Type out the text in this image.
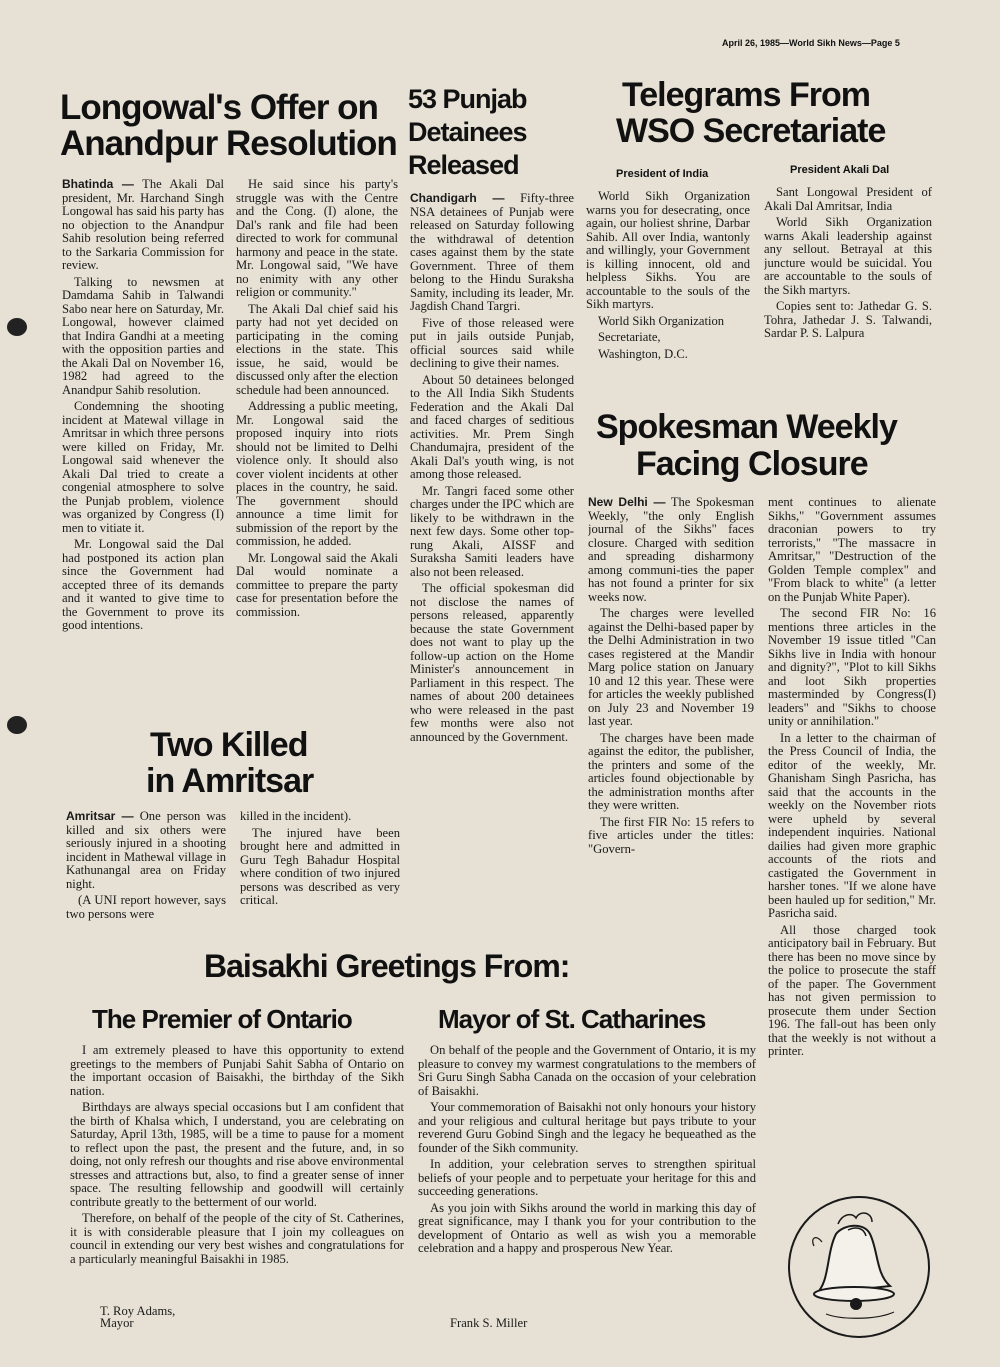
April 26, 1985—World Sikh News—Page 5
Longowal's Offer on
Anandpur Resolution

Bhatinda — The Akali Dal president, Mr. Harchand Singh Longowal has said his party has no objection to the Anandpur Sahib resolution being referred to the Sarkaria Commission for review.

Talking to newsmen at Damdama Sahib in Talwandi Sabo near here on Saturday, Mr. Longowal, however claimed that Indira Gandhi at a meeting with the opposition parties and the Akali Dal on November 16, 1982 had agreed to the Anandpur Sahib resolution.

Condemning the shooting incident at Matewal village in Amritsar in which three persons were killed on Friday, Mr. Longowal said whenever the Akali Dal tried to create a congenial atmosphere to solve the Punjab problem, violence was organized by Congress (I) men to vitiate it.

Mr. Longowal said the Dal had postponed its action plan since the Government had accepted three of its demands and it wanted to give time to the Government to prove its good intentions.

He said since his party's struggle was with the Centre and the Cong. (I) alone, the Dal's rank and file had been directed to work for communal harmony and peace in the state. Mr. Longowal said, "We have no enimity with any other religion or community."

The Akali Dal chief said his party had not yet decided on participating in the coming elections in the state. This issue, he said, would be discussed only after the election schedule had been announced.

Addressing a public meeting, Mr. Longowal said the proposed inquiry into riots should not be limited to Delhi violence only. It should also cover violent incidents at other places in the country, he said. The government should announce a time limit for submission of the report by the commission, he added.

Mr. Longowal said the Akali Dal would nominate a committee to prepare the party case for presentation before the commission.

53 Punjab
Detainees
Released

Chandigarh — Fifty-three NSA detainees of Punjab were released on Saturday following the withdrawal of detention cases against them by the state Government. Three of them belong to the Hindu Suraksha Samity, including its leader, Mr. Jagdish Chand Targri.

Five of those released were put in jails outside Punjab, official sources said while declining to give their names.

About 50 detainees belonged to the All India Sikh Students Federation and the Akali Dal and faced charges of seditious activities. Mr. Prem Singh Chandumajra, president of the Akali Dal's youth wing, is not among those released.

Mr. Tangri faced some other charges under the IPC which are likely to be withdrawn in the next few days. Some other top-rung Akali, AISSF and Suraksha Samiti leaders have also not been released.

The official spokesman did not disclose the names of persons released, apparently because the state Government does not want to play up the follow-up action on the Home Minister's announcement in Parliament in this respect. The names of about 200 detainees who were released in the past few months were also not announced by the Government.

Telegrams From
WSO Secretariate
President of India	President Akali Dal

World Sikh Organization warns you for desecrating, once again, our holiest shrine, Darbar Sahib. All over India, wantonly and willingly, your Government is killing innocent, old and helpless Sikhs. You are accountable to the souls of the Sikh martyrs.

World Sikh Organization

Secretariate,

Washington, D.C.

Sant Longowal President of Akali Dal Amritsar, India

World Sikh Organization warns Akali leadership against any sellout. Betrayal at this juncture would be suicidal. You are accountable to the souls of the Sikh martyrs.

Copies sent to: Jathedar G. S. Tohra, Jathedar J. S. Talwandi, Sardar P. S. Lalpura

Spokesman Weekly
Facing Closure

New Delhi — The Spokesman Weekly, "the only English journal of the Sikhs" faces closure. Charged with sedition and spreading disharmony among communi-ties the paper has not found a printer for six weeks now.

The charges were levelled against the Delhi-based paper by the Delhi Administration in two cases registered at the Mandir Marg police station on January 10 and 12 this year. These were for articles the weekly published on July 23 and November 19 last year.

The charges have been made against the editor, the publisher, the printers and some of the articles found objectionable by the administration months after they were written.

The first FIR No: 15 refers to five articles under the titles: "Govern-

ment continues to alienate Sikhs," "Government assumes draconian powers to try terrorists," "The massacre in Amritsar," "Destruction of the Golden Temple complex" and "From black to white" (a letter on the Punjab White Paper).

The second FIR No: 16 mentions three articles in the November 19 issue titled "Can Sikhs live in India with honour and dignity?", "Plot to kill Sikhs and loot Sikh properties masterminded by Congress(I) leaders" and "Sikhs to choose unity or annihilation."

In a letter to the chairman of the Press Council of India, the editor of the weekly, Mr. Ghanisham Singh Pasricha, has said that the accounts in the weekly on the November riots were upheld by several independent inquiries. National dailies had given more graphic accounts of the riots and castigated the Government in harsher tones. "If we alone have been hauled up for sedition," Mr. Pasricha said.

All those charged took anticipatory bail in February. But there has been no move since by the police to prosecute the staff of the paper. The Government has not given permission to prosecute them under Section 196. The fall-out has been only that the weekly is not without a printer.

Two Killed
in Amritsar

Amritsar — One person was killed and six others were seriously injured in a shooting incident in Mathewal village in Kathunangal area on Friday night.

(A UNI report however, says two persons were

killed in the incident).

The injured have been brought here and admitted in Guru Tegh Bahadur Hospital where condition of two injured persons was described as very critical.

Baisakhi Greetings From:
The Premier of Ontario	Mayor of St. Catharines

I am extremely pleased to have this opportunity to extend greetings to the members of Punjabi Sahit Sabha of Ontario on the important occasion of Baisakhi, the birthday of the Sikh nation.

Birthdays are always special occasions but I am confident that the birth of Khalsa which, I understand, you are celebrating on Saturday, April 13th, 1985, will be a time to pause for a moment to reflect upon the past, the present and the future, and, in so doing, not only refresh our thoughts and rise above environmental stresses and attractions but, also, to find a greater sense of inner space. The resulting fellowship and goodwill will certainly contribute greatly to the betterment of our world.

Therefore, on behalf of the people of the city of St. Catherines, it is with considerable pleasure that I join my colleagues on council in extending our very best wishes and congratulations for a particularly meaningful Baisakhi in 1985.

T. Roy Adams,
Mayor

On behalf of the people and the Government of Ontario, it is my pleasure to convey my warmest congratulations to the members of Sri Guru Singh Sabha Canada on the occasion of your celebration of Baisakhi.

Your commemoration of Baisakhi not only honours your history and your religious and cultural heritage but pays tribute to your reverend Guru Gobind Singh and the legacy he bequeathed as the founder of the Sikh community.

In addition, your celebration serves to strengthen spiritual beliefs of your people and to perpetuate your heritage for this and succeeding generations.

As you join with Sikhs around the world in marking this day of great significance, may I thank you for your contribution to the development of Ontario as well as wish you a memorable celebration and a happy and prosperous New Year.

Frank S. Miller
